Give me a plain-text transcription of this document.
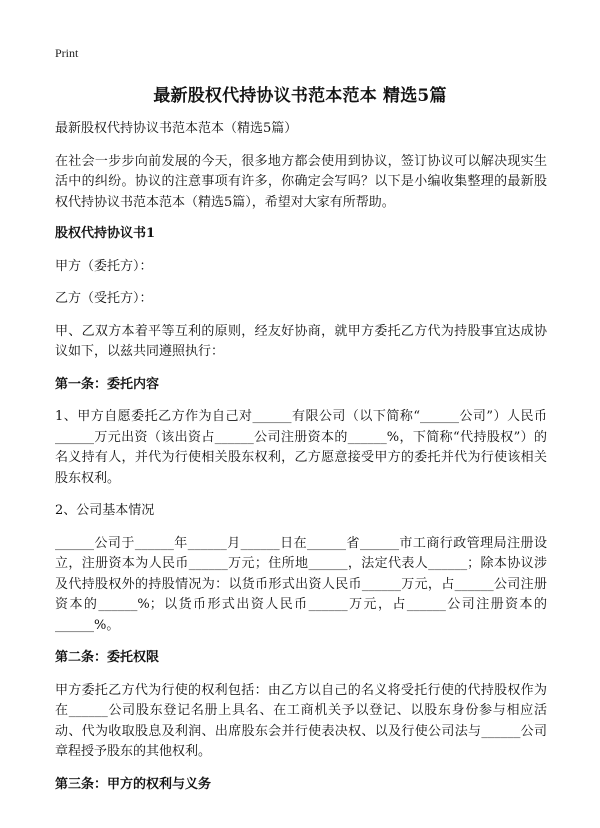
Print
最新股权代持协议书范本范本 精选5篇

最新股权代持协议书范本范本（精选5篇）

在社会一步步向前发展的今天，很多地方都会使用到协议，签订协议可以解决现实生活中的纠纷。协议的注意事项有许多，你确定会写吗？以下是小编收集整理的最新股权代持协议书范本范本（精选5篇），希望对大家有所帮助。

股权代持协议书1

甲方（委托方）：

乙方（受托方）：

甲、乙双方本着平等互利的原则，经友好协商，就甲方委托乙方代为持股事宜达成协议如下，以兹共同遵照执行：

第一条：委托内容

1、甲方自愿委托乙方作为自己对______有限公司（以下简称“______公司”）人民币______万元出资（该出资占______公司注册资本的______%，下简称“代持股权”）的名义持有人，并代为行使相关股东权利，乙方愿意接受甲方的委托并代为行使该相关股东权利。

2、公司基本情况

______公司于______年______月______日在______省______市工商行政管理局注册设立，注册资本为人民币______万元；住所地______，法定代表人______；除本协议涉及代持股权外的持股情况为：以货币形式出资人民币______万元，占______公司注册资本的______%；以货币形式出资人民币______万元，占______公司注册资本的______%。

第二条：委托权限

甲方委托乙方代为行使的权利包括：由乙方以自己的名义将受托行使的代持股权作为在______公司股东登记名册上具名、在工商机关予以登记、以股东身份参与相应活动、代为收取股息及利润、出席股东会并行使表决权、以及行使公司法与______公司章程授予股东的其他权利。

第三条：甲方的权利与义务
